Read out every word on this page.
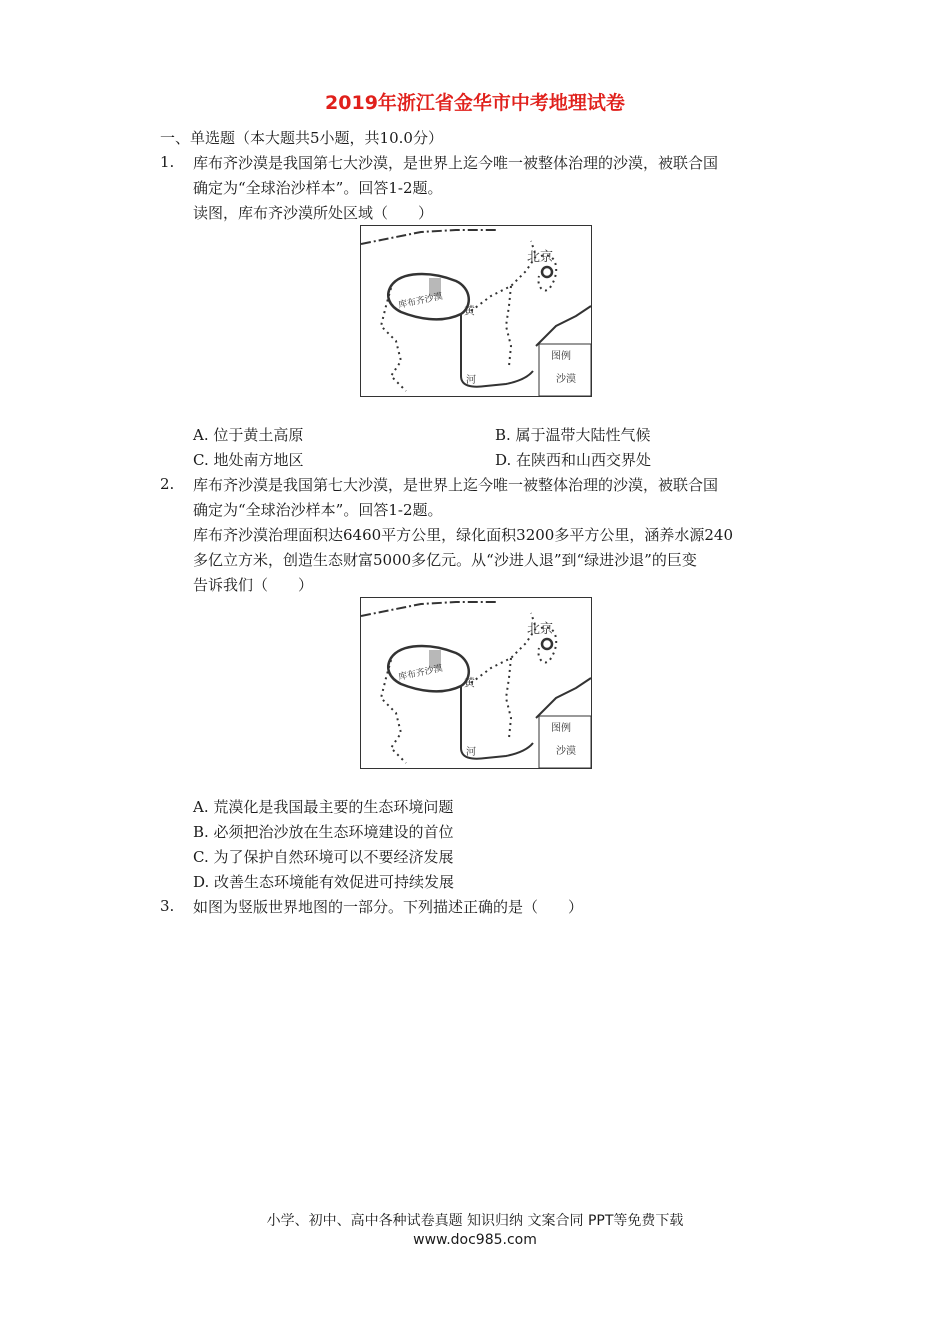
2019年浙江省金华市中考地理试卷
一、单选题（本大题共5小题，共10.0分）
1. 库布齐沙漠是我国第七大沙漠，是世界上迄今唯一被整体治理的沙漠，被联合国
确定为“全球治沙样本”。回答1-2题。
读图，库布齐沙漠所处区域（　　）
北京
库布齐沙漠 黄
河
图例
沙漠
A. 位于黄土高原	B. 属于温带大陆性气候
C. 地处南方地区	D. 在陕西和山西交界处
2. 库布齐沙漠是我国第七大沙漠，是世界上迄今唯一被整体治理的沙漠，被联合国
确定为“全球治沙样本”。回答1-2题。
库布齐沙漠治理面积达6460平方公里，绿化面积3200多平方公里，涵养水源240
多亿立方米，创造生态财富5000多亿元。从“沙进人退”到“绿进沙退”的巨变
告诉我们（　　）
北京
库布齐沙漠 黄
河
图例
沙漠
A. 荒漠化是我国最主要的生态环境问题
B. 必须把治沙放在生态环境建设的首位
C. 为了保护自然环境可以不要经济发展
D. 改善生态环境能有效促进可持续发展
3. 如图为竖版世界地图的一部分。下列描述正确的是（　　）
小学、初中、高中各种试卷真题 知识归纳 文案合同 PPT等免费下载
www.doc985.com
